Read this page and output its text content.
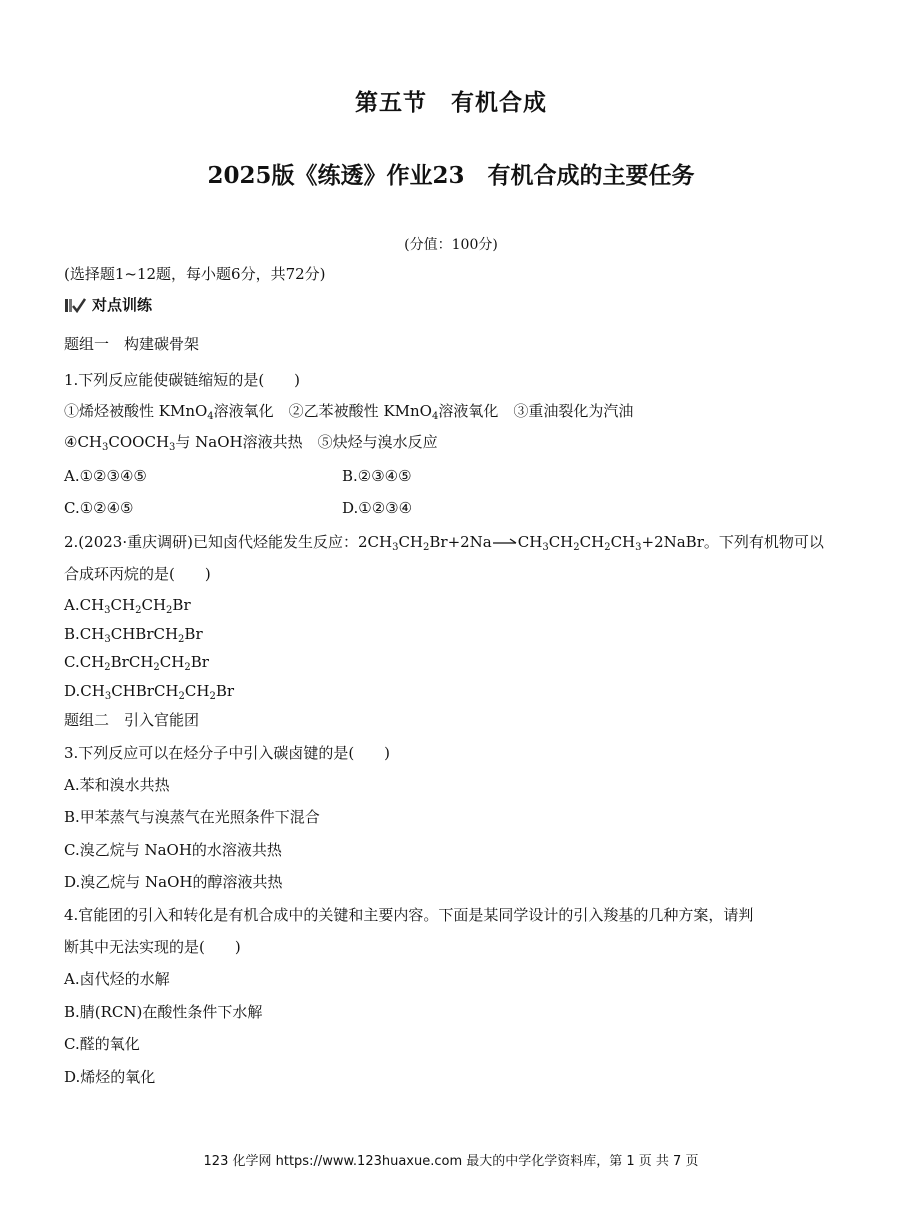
第五节　有机合成
2025版《练透》作业23　有机合成的主要任务
(分值：100分)
(选择题1~12题，每小题6分，共72分)
对点训练
题组一　构建碳骨架
1.下列反应能使碳链缩短的是(　　)
①烯烃被酸性 KMnO$_4$溶液氧化　②乙苯被酸性 KMnO$_4$溶液氧化　③重油裂化为汽油
$④CH_3COOCH_3$与 NaOH溶液共热　⑤炔烃与溴水反应
A.①②③④⑤	B.②③④⑤
C.①②④⑤	D.①②③④
2.(2023·重庆调研)已知卤代烃能发生反应：$2CH_3CH_2Br+2Na\to CH_3CH_2CH_2CH_3+2NaBr$。下列有机物可以
合成环丙烷的是(　　)
$A.CH_3CH_2CH_2Br$
$B.CH_3CHBrCH_2Br$
$C.CH_2BrCH_2CH_2Br$
$D.CH_3CHBrCH_2CH_2Br$
题组二　引入官能团
3.下列反应可以在烃分子中引入碳卤键的是(　　)
A.苯和溴水共热
B.甲苯蒸气与溴蒸气在光照条件下混合
C.溴乙烷与 NaOH的水溶液共热
D.溴乙烷与 NaOH的醇溶液共热
4.官能团的引入和转化是有机合成中的关键和主要内容。下面是某同学设计的引入羧基的几种方案，请判
断其中无法实现的是(　　)
A.卤代烃的水解
B.腈(RCN)在酸性条件下水解
C.醛的氧化
D.烯烃的氧化
123 化学网 https://www.123huaxue.com 最大的中学化学资料库，第 1 页 共 7 页
